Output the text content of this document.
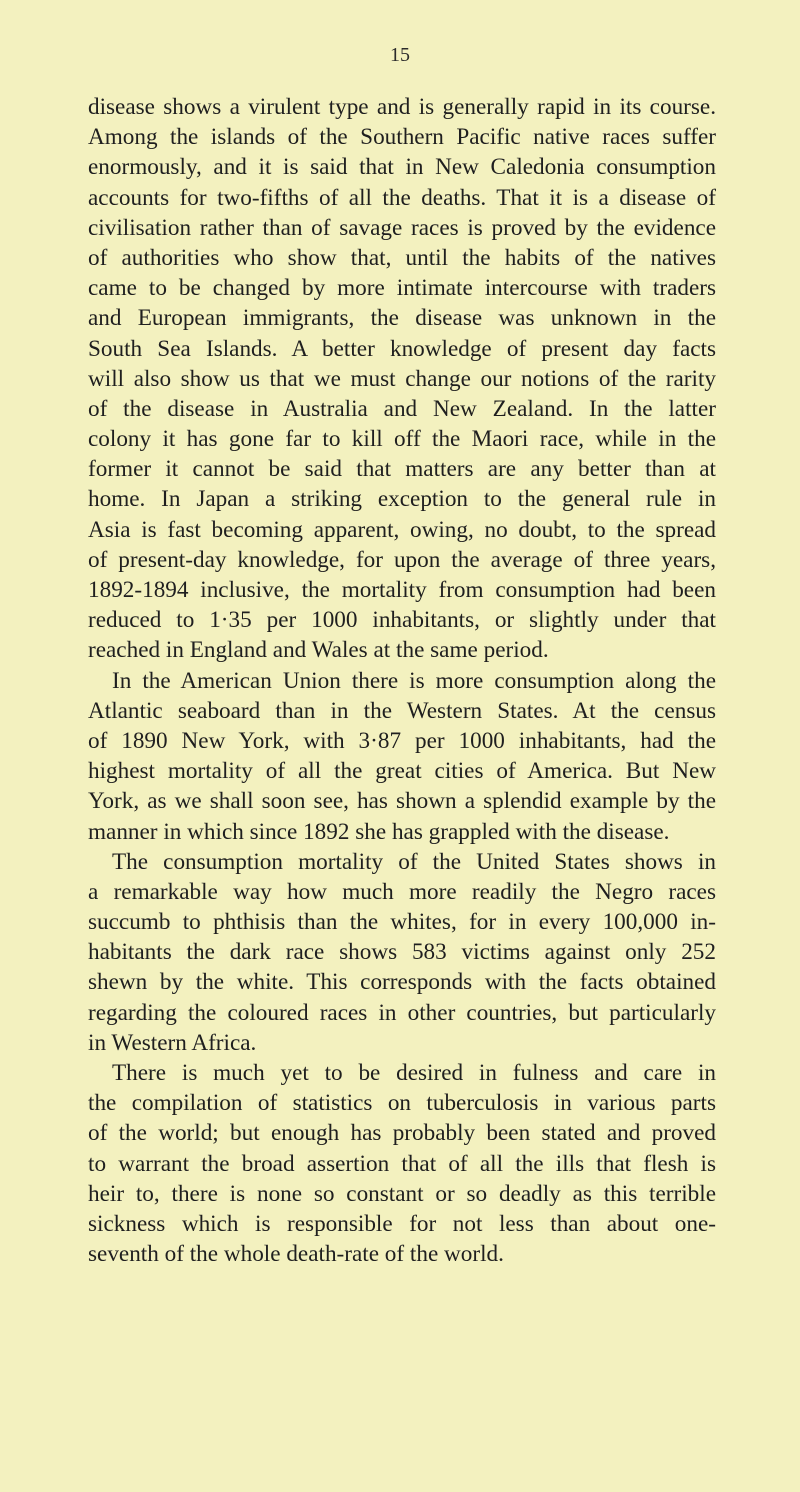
15
disease shows a virulent type and is generally rapid in its course.
Among the islands of the Southern Pacific native races suffer
enormously, and it is said that in New Caledonia consumption
accounts for two-fifths of all the deaths. That it is a disease of
civilisation rather than of savage races is proved by the evidence
of authorities who show that, until the habits of the natives
came to be changed by more intimate intercourse with traders
and European immigrants, the disease was unknown in the
South Sea Islands. A better knowledge of present day facts
will also show us that we must change our notions of the rarity
of the disease in Australia and New Zealand. In the latter
colony it has gone far to kill off the Maori race, while in the
former it cannot be said that matters are any better than at
home. In Japan a striking exception to the general rule in
Asia is fast becoming apparent, owing, no doubt, to the spread
of present-day knowledge, for upon the average of three years,
1892-1894 inclusive, the mortality from consumption had been
reduced to 1·35 per 1000 inhabitants, or slightly under that
reached in England and Wales at the same period.
In the American Union there is more consumption along the
Atlantic seaboard than in the Western States. At the census
of 1890 New York, with 3·87 per 1000 inhabitants, had the
highest mortality of all the great cities of America. But New
York, as we shall soon see, has shown a splendid example by the
manner in which since 1892 she has grappled with the disease.
The consumption mortality of the United States shows in
a remarkable way how much more readily the Negro races
succumb to phthisis than the whites, for in every 100,000 in-
habitants the dark race shows 583 victims against only 252
shewn by the white. This corresponds with the facts obtained
regarding the coloured races in other countries, but particularly
in Western Africa.
There is much yet to be desired in fulness and care in
the compilation of statistics on tuberculosis in various parts
of the world; but enough has probably been stated and proved
to warrant the broad assertion that of all the ills that flesh is
heir to, there is none so constant or so deadly as this terrible
sickness which is responsible for not less than about one-
seventh of the whole death-rate of the world.
